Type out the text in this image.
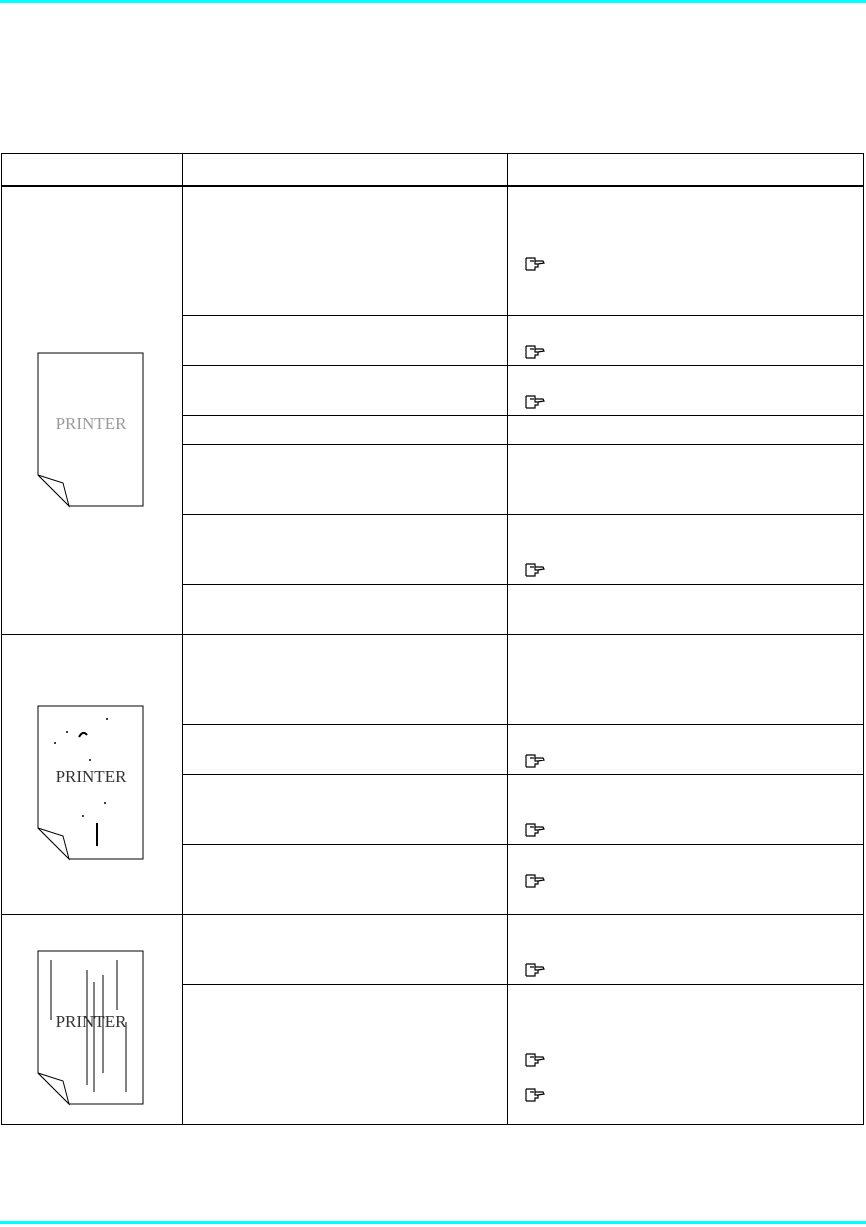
PRINTER

PRINTER		

PRINTER
